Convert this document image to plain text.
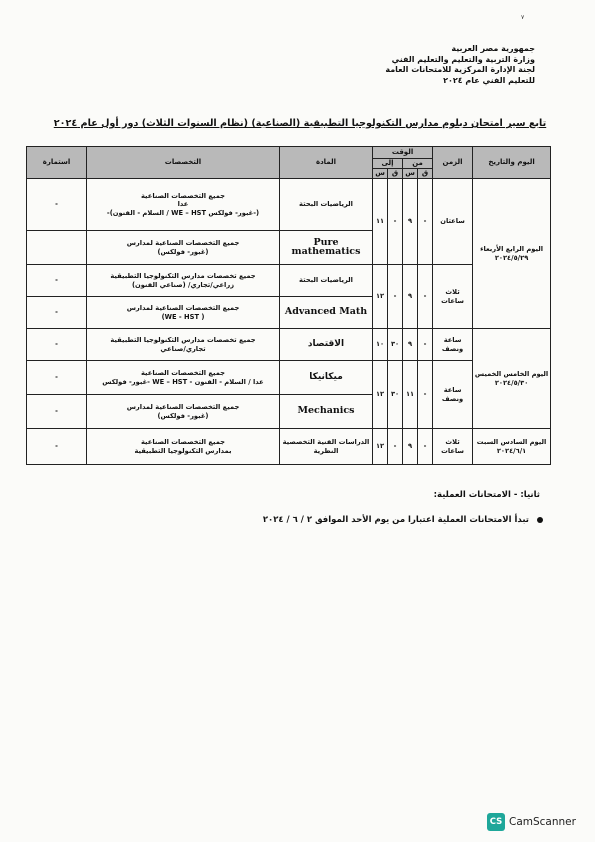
٧
جمهورية مصر العربية
وزارة التربية والتعليم والتعليم الفني
لجنة الإدارة المركزية للامتحانات العامة
للتعليم الفني عام ٢٠٢٤
تابع سير امتحان دبلوم مدارس التكنولوجيا التطبيقية (الصناعية) (نظام السنوات الثلاث) دور أول عام ٢٠٢٤
اليوم والتاريخ	الزمن	الوقت				المادة	التخصصات	استمارة
		من		إلى				
		ق	س	ق	س			
اليوم الرابع الأربعاء ٢٠٢٤/٥/٢٩	ساعتان	-	٩	-	١١	الرياضيات البحتة	جميع التخصصات الصناعية
عدا
(-غبور- فولكس WE – HST / السلام - الفنون)-	-
						Pure mathematics	جميع التخصصات الصناعية لمدارس
(غبور- فولكس)	

	ثلاث ساعات	-	٩	-	١٢	الرياضيات البحتة	جميع تخصصات مدارس التكنولوجيا التطبيقية
زراعي/تجاري/ (صناعي الفنون)	-
						Advanced Math	جميع التخصصات الصناعية لمدارس
( WE - HST)	-
اليوم الخامس الخميس ٢٠٢٤/٥/٣٠	ساعة ونصف	-	٩	٣٠	١٠	الاقتصاد	جميع تخصصات مدارس التكنولوجيا التطبيقية
تجاري/صناعي	-
	ساعة ونصف	-	١١	٣٠	١٢	ميكانيكا	جميع التخصصات الصناعية
عدا / السلام - الفنون - WE – HST -غبور- فولكس	-
						Mechanics	جميع التخصصات الصناعية لمدارس
(غبور- فولكس)	-
اليوم السادس السبت ٢٠٢٤/٦/١	ثلاث ساعات	-	٩	-	١٢	الدراسات الفنية التخصصية النظرية	جميع التخصصات الصناعية
بمدارس التكنولوجيا التطبيقية	-
ثانيا: - الامتحانات العملية:
تبدأ الامتحانات العملية اعتبارا من يوم الأحد الموافق ٢ / ٦ / ٢٠٢٤
CS CamScanner
